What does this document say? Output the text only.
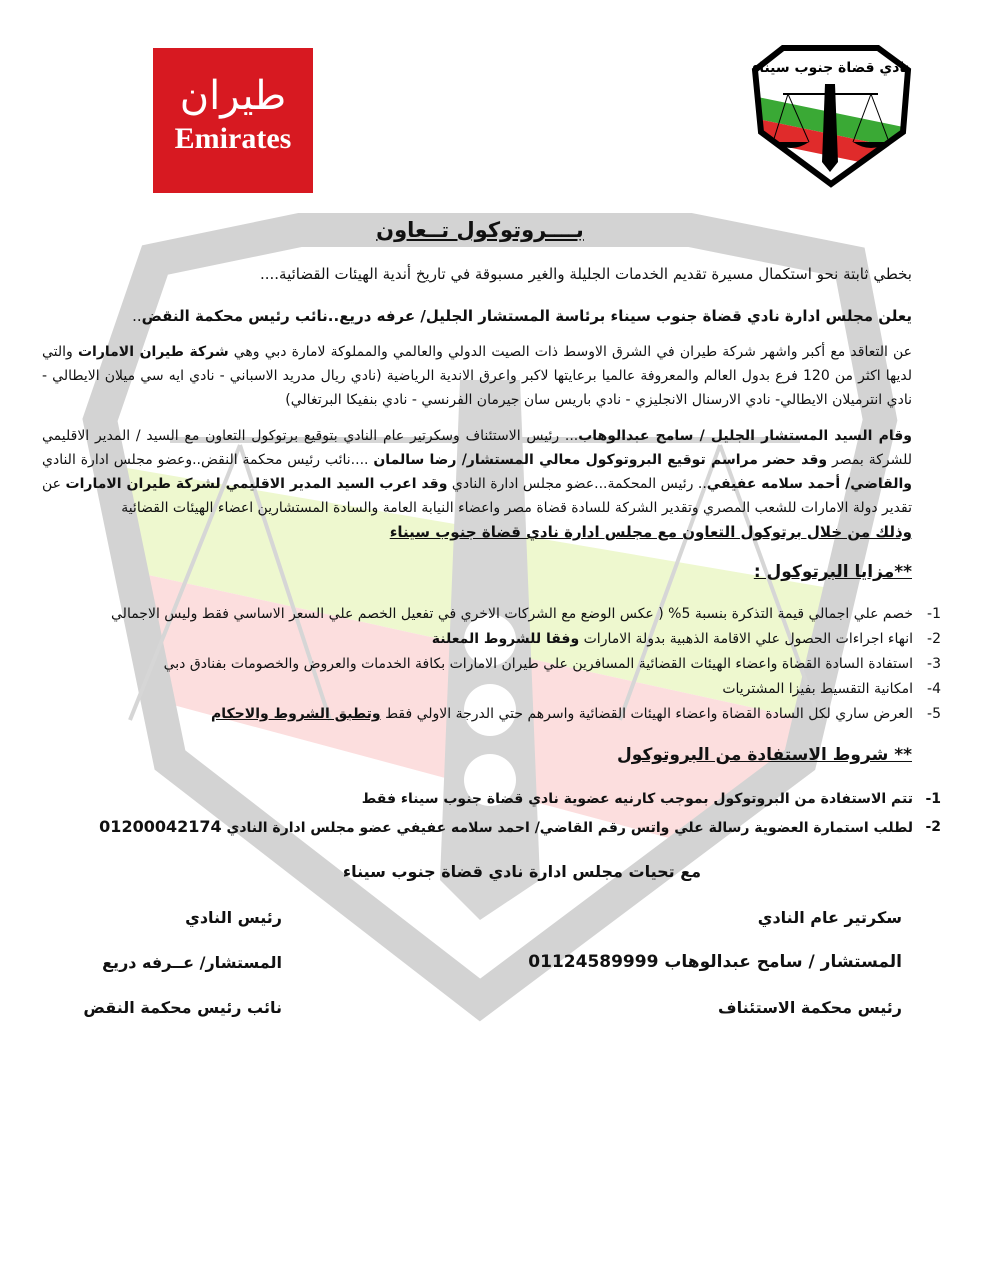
طيران
Emirates
نادي قضاة جنوب سيناء
بــــروتوكول تــعاون
بخطي ثابتة نحو استكمال مسيرة تقديم الخدمات الجليلة والغير مسبوقة في تاريخ أندية الهيئات القضائية....
يعلن مجلس ادارة نادي قضاة جنوب سيناء برئاسة المستشار الجليل/ عرفه دريع..نائب رئيس محكمة النقض..
عن التعاقد مع أكبر واشهر شركة طيران في الشرق الاوسط ذات الصيت الدولي والعالمي والمملوكة لامارة دبي وهي شركة طيران الامارات والتي لديها اكثر من 120 فرع بدول العالم والمعروفة عالميا برعايتها لاكبر واعرق الاندية الرياضية (نادي ريال مدريد الاسباني - نادي ايه سي ميلان الايطالي - نادي انترميلان الايطالي- نادي الارسنال الانجليزي - نادي باريس سان جيرمان الفرنسي - نادي بنفيكا البرتغالي)
وقام السيد المستشار الجليل / سامح عبدالوهاب... رئيس الاستئناف وسكرتير عام النادي بتوقيع برتوكول التعاون مع السيد / المدير الاقليمي للشركة بمصر وقد حضر مراسم توقيع البروتوكول معالي المستشار/ رضا سالمان ....نائب رئيس محكمة النقض..وعضو مجلس ادارة النادي والقاضي/ أحمد سلامه عفيفي.. رئيس المحكمة...عضو مجلس ادارة النادي وقد اعرب السيد المدير الاقليمي لشركة طيران الامارات عن تقدير دولة الامارات للشعب المصري وتقدير الشركة للسادة قضاة مصر واعضاء النيابة العامة والسادة المستشارين اعضاء الهيئات القضائية
وذلك من خلال برتوكول التعاون مع مجلس ادارة نادي قضاة جنوب سيناء
**مزايا البرتوكول :
1-
خصم علي اجمالي قيمة التذكرة بنسبة 5% ( عكس الوضع مع الشركات الاخري في تفعيل الخصم علي السعر الاساسي فقط وليس الاجمالي
2-
انهاء اجراءات الحصول علي الاقامة الذهبية بدولة الامارات وفقا للشروط المعلنة
3-
استفادة السادة القضاة واعضاء الهيئات القضائية المسافرين علي طيران الامارات بكافة الخدمات والعروض والخصومات بفنادق دبي
4-
امكانية التقسيط بفيزا المشتريات
5-
العرض ساري لكل السادة القضاة واعضاء الهيئات القضائية واسرهم حتي الدرجة الاولي فقط وتطبق الشروط والاحكام
** شروط الاستفادة من البروتوكول
1-
تتم الاستفادة من البروتوكول بموجب كارنيه عضوية نادي قضاة جنوب سيناء فقط
2-
لطلب استمارة العضوية رسالة علي واتس رقم القاضي/ احمد سلامه عفيفي عضو مجلس ادارة النادي 01200042174
مع تحيات مجلس ادارة نادي قضاة جنوب سيناء
سكرتير عام النادي
المستشار / سامح عبدالوهاب 01124589999
رئيس محكمة الاستئناف
رئيس النادي
المستشار/ عــرفه دريع
نائب رئيس محكمة النقض
